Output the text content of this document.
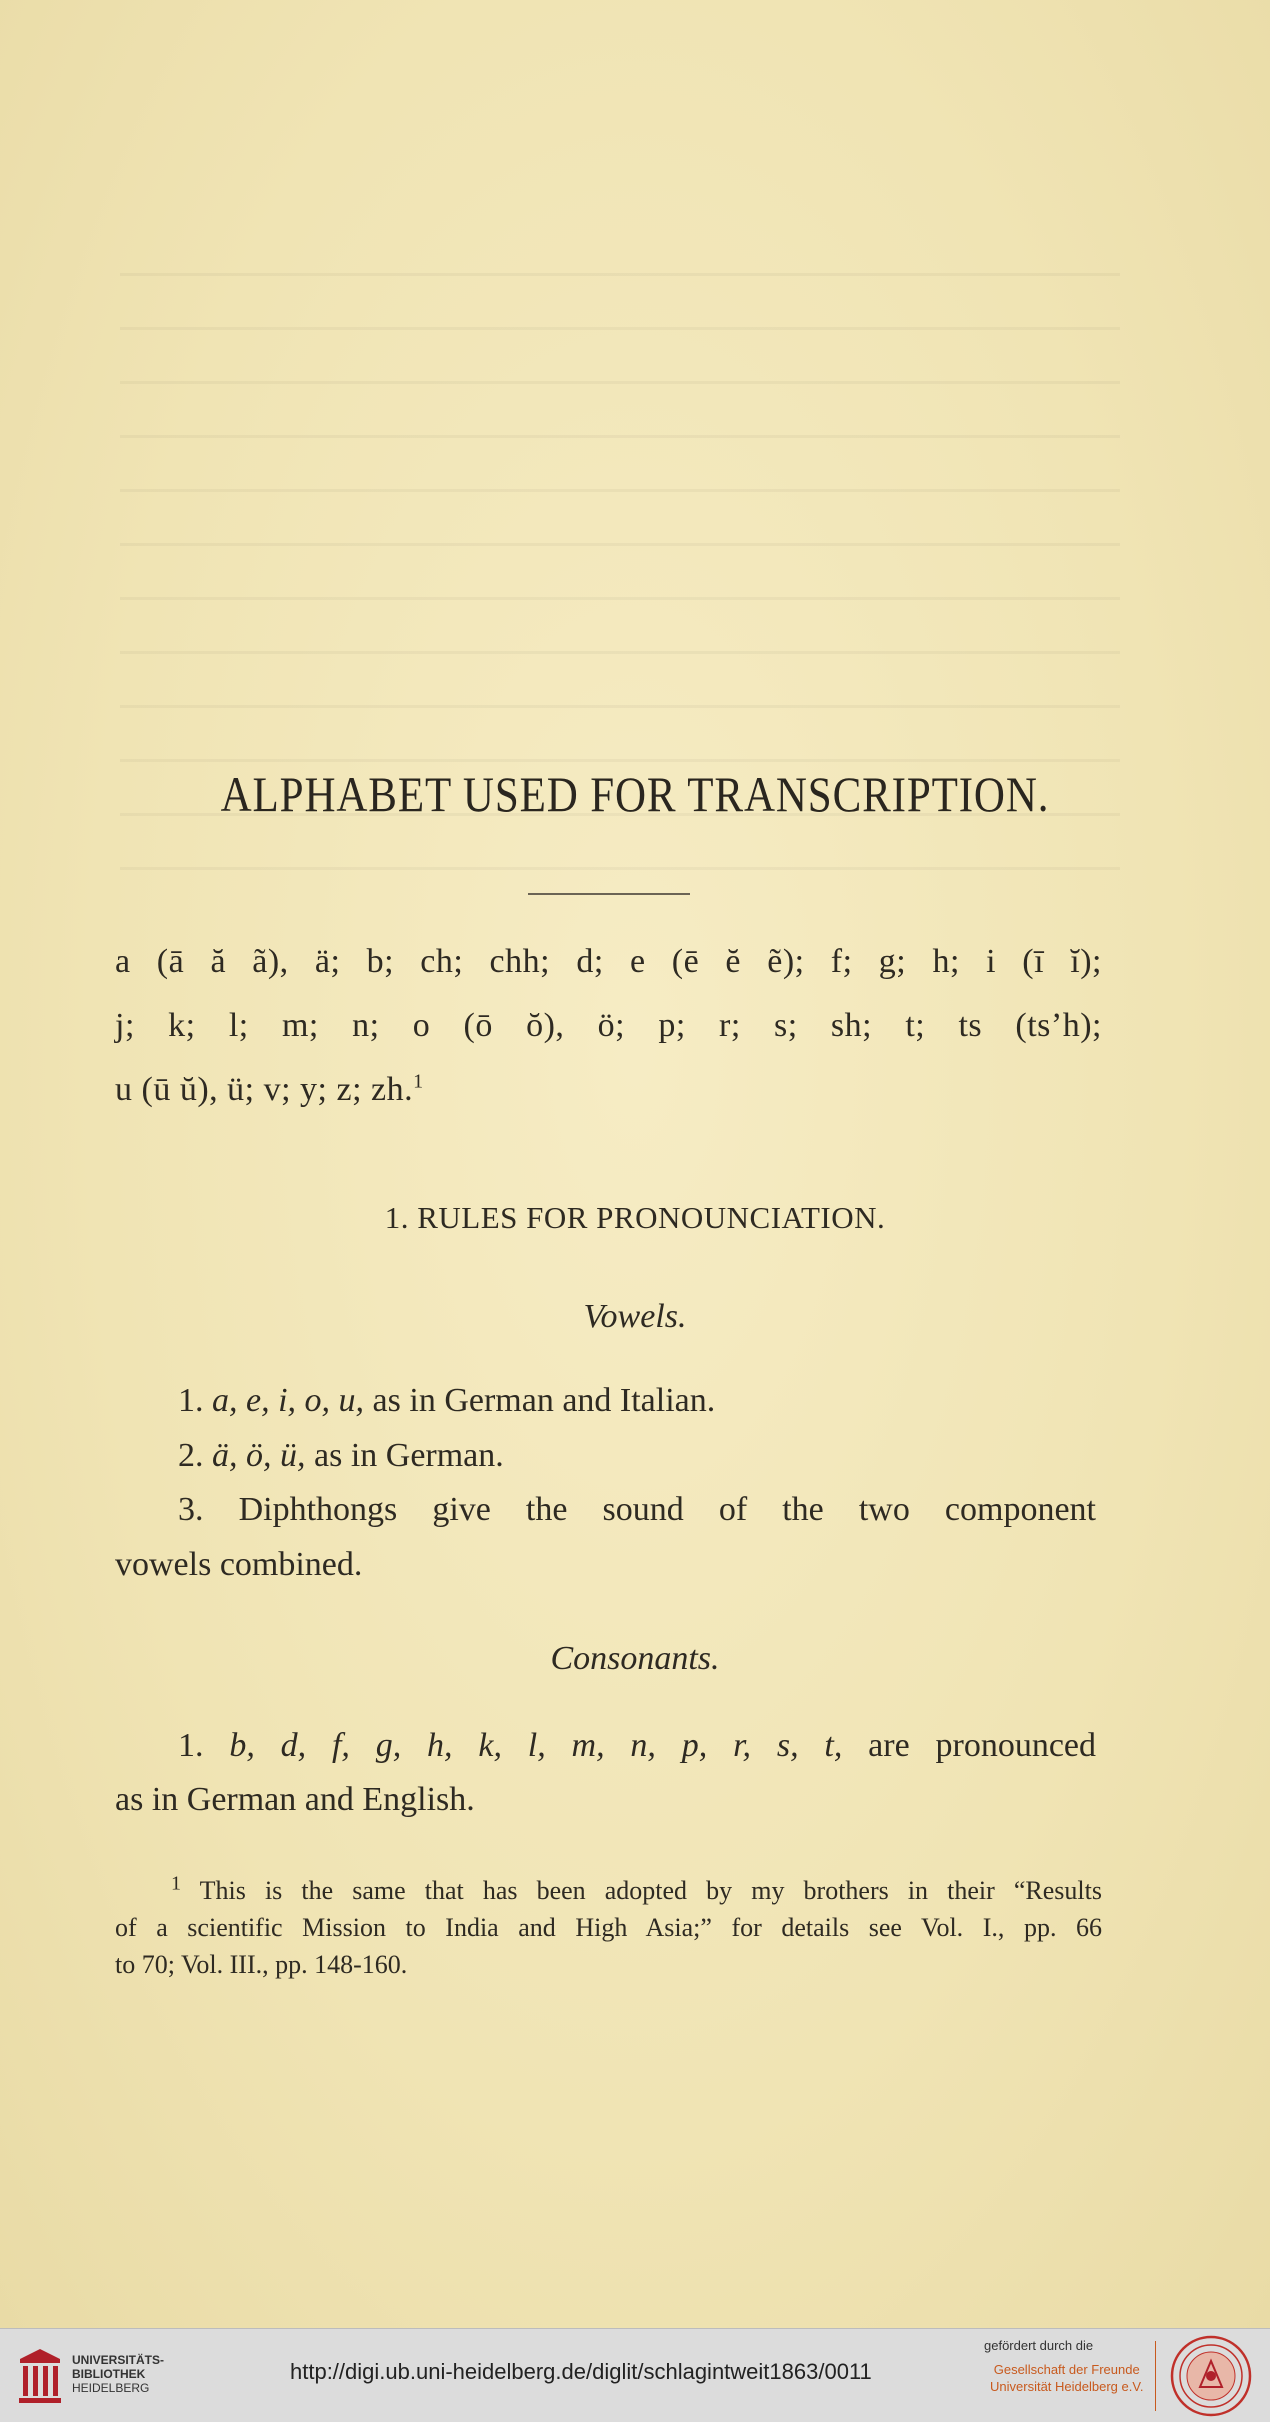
ALPHABET USED FOR TRANSCRIPTION.
a (ā ă ã), ä; b; ch; chh; d; e (ē ĕ ẽ); f; g; h; i (ī ĭ);
j; k; l; m; n; o (ō ŏ), ö; p; r; s; sh; t; ts (tsʼh);
u (ū ŭ), ü; v; y; z; zh.$^1$
1. RULES FOR PRONOUNCIATION.
Vowels.
1. a, e, i, o, u, as in German and Italian.
2. ä, ö, ü, as in German.
3. Diphthongs give the sound of the two component
vowels combined.
Consonants.
1. b, d, f, g, h, k, l, m, n, p, r, s, t, are pronounced
as in German and English.
$^1$ This is the same that has been adopted by my brothers in their “Results
of a scientific Mission to India and High Asia;” for details see Vol. I., pp. 66
to 70; Vol. III., pp. 148-160.
UNIVERSITÄTS-
BIBLIOTHEK
HEIDELBERG
http://digi.ub.uni-heidelberg.de/diglit/schlagintweit1863/0011
gefördert durch die
Gesellschaft der Freunde
Universität Heidelberg e.V.
